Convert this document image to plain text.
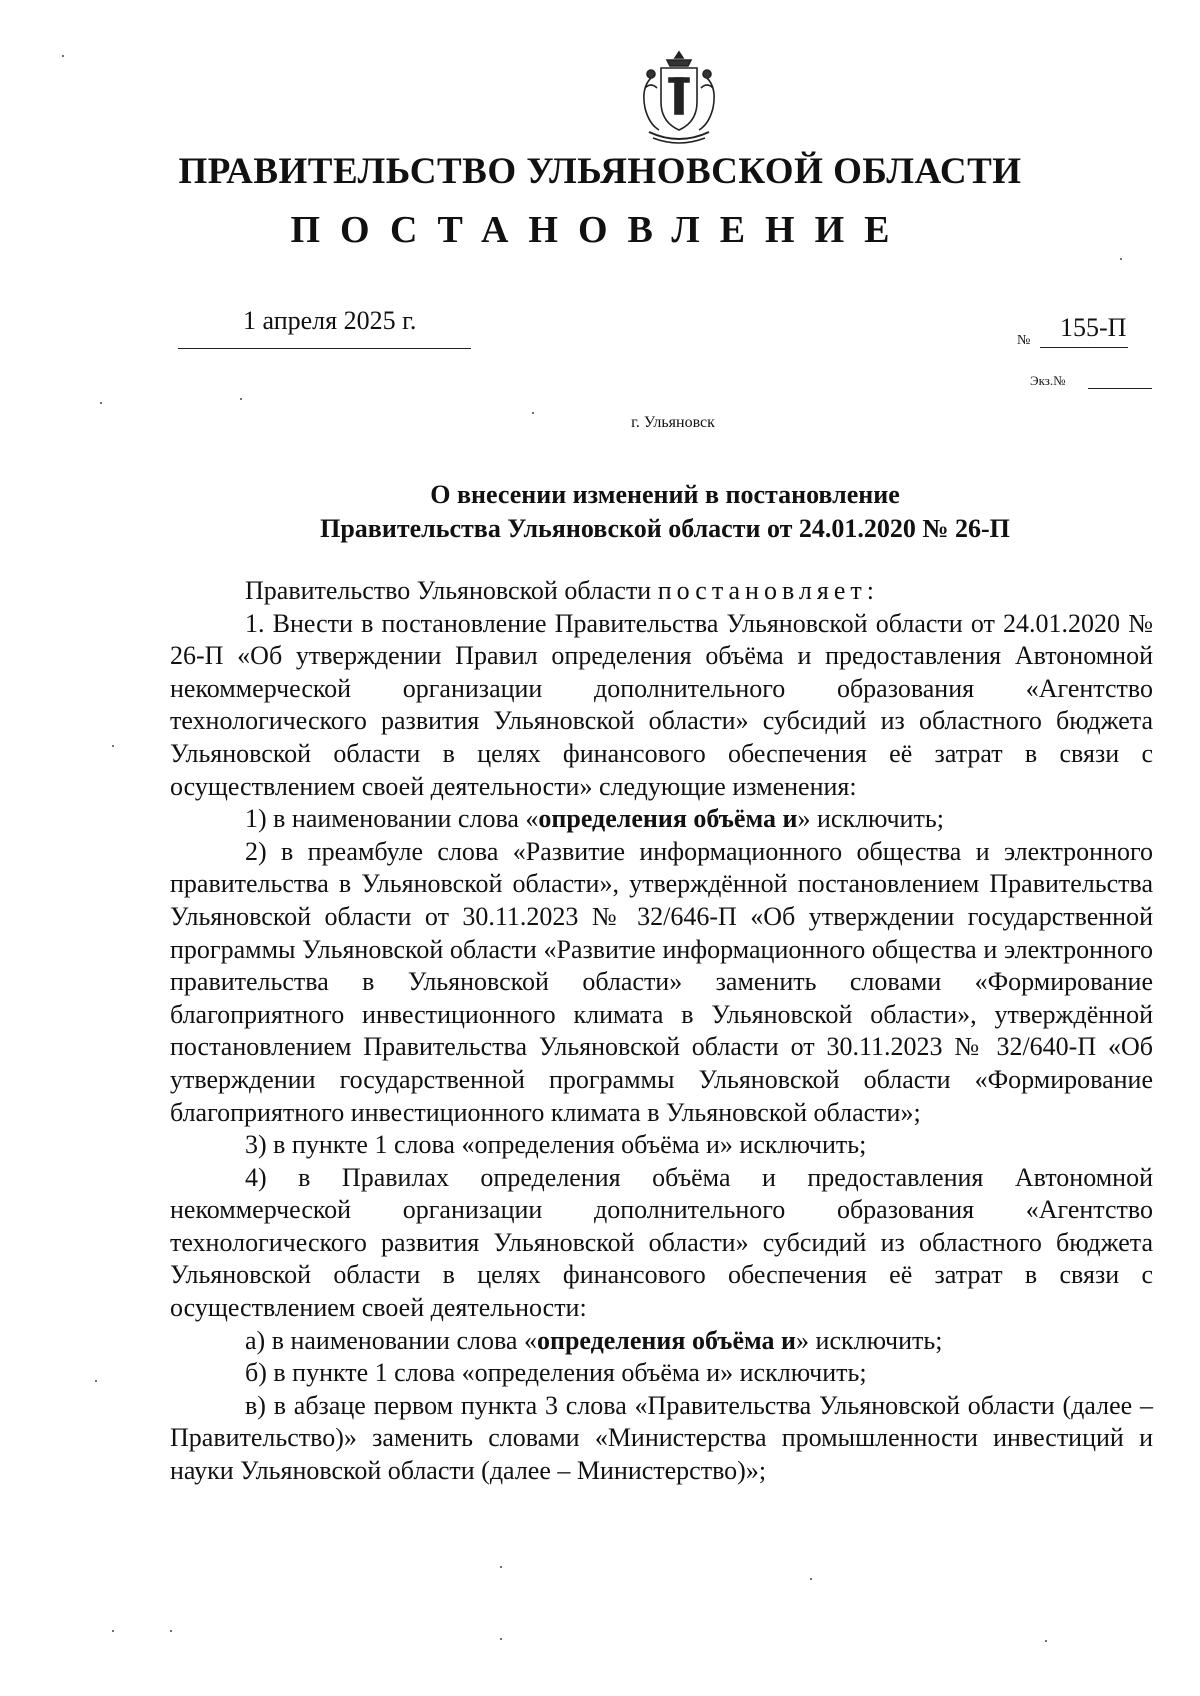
ПРАВИТЕЛЬСТВО УЛЬЯНОВСКОЙ ОБЛАСТИ
ПОСТАНОВЛЕНИЕ
1 апреля 2025 г.
№ 155-П
Экз.№
г. Ульяновск
О внесении изменений в постановление
Правительства Ульяновской области от 24.01.2020 № 26-П

Правительство Ульяновской области постановляет:

1. Внести в постановление Правительства Ульяновской области от 24.01.2020 № 26-П «Об утверждении Правил определения объёма и предоставления Автономной некоммерческой организации дополнительного образования «Агентство технологического развития Ульяновской области» субсидий из областного бюджета Ульяновской области в целях финансового обеспечения её затрат в связи с осуществлением своей деятельности» следующие изменения:

1) в наименовании слова «определения объёма и» исключить;

2) в преамбуле слова «Развитие информационного общества и электронного правительства в Ульяновской области», утверждённой постановлением Правительства Ульяновской области от 30.11.2023 № 32/646-П «Об утверждении государственной программы Ульяновской области «Развитие информационного общества и электронного правительства в Ульяновской области» заменить словами «Формирование благоприятного инвестиционного климата в Ульяновской области», утверждённой постановлением Правительства Ульяновской области от 30.11.2023 № 32/640-П «Об утверждении государственной программы Ульяновской области «Формирование благоприятного инвестиционного климата в Ульяновской области»;

3) в пункте 1 слова «определения объёма и» исключить;

4) в Правилах определения объёма и предоставления Автономной некоммерческой организации дополнительного образования «Агентство технологического развития Ульяновской области» субсидий из областного бюджета Ульяновской области в целях финансового обеспечения её затрат в связи с осуществлением своей деятельности:

а) в наименовании слова «определения объёма и» исключить;

б) в пункте 1 слова «определения объёма и» исключить;

в) в абзаце первом пункта 3 слова «Правительства Ульяновской области (далее – Правительство)» заменить словами «Министерства промышленности инвестиций и науки Ульяновской области (далее – Министерство)»;
